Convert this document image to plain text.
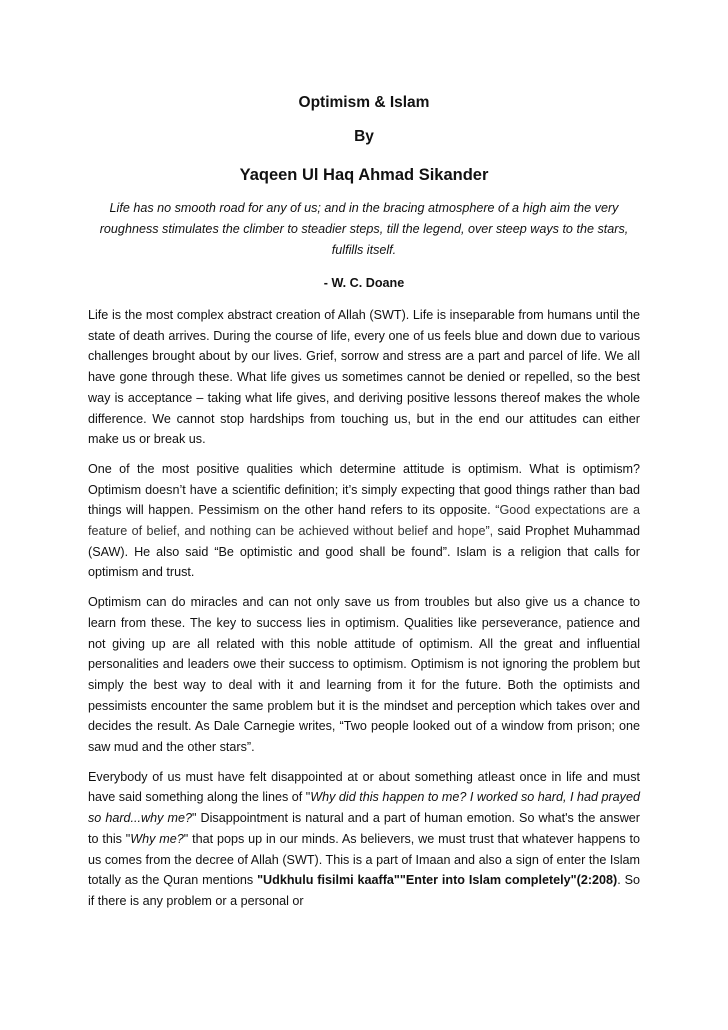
Optimism & Islam
By
Yaqeen Ul Haq Ahmad Sikander
Life has no smooth road for any of us; and in the bracing atmosphere of a high aim the very roughness stimulates the climber to steadier steps, till the legend, over steep ways to the stars, fulfills itself.
- W. C. Doane

Life is the most complex abstract creation of Allah (SWT). Life is inseparable from humans until the state of death arrives. During the course of life, every one of us feels blue and down due to various challenges brought about by our lives. Grief, sorrow and stress are a part and parcel of life. We all have gone through these. What life gives us sometimes cannot be denied or repelled, so the best way is acceptance – taking what life gives, and deriving positive lessons thereof makes the whole difference. We cannot stop hardships from touching us, but in the end our attitudes can either make us or break us.

One of the most positive qualities which determine attitude is optimism. What is optimism? Optimism doesn’t have a scientific definition; it’s simply expecting that good things rather than bad things will happen. Pessimism on the other hand refers to its opposite. “Good expectations are a feature of belief, and nothing can be achieved without belief and hope”, said Prophet Muhammad (SAW). He also said “Be optimistic and good shall be found”. Islam is a religion that calls for optimism and trust.

Optimism can do miracles and can not only save us from troubles but also give us a chance to learn from these. The key to success lies in optimism. Qualities like perseverance, patience and not giving up are all related with this noble attitude of optimism. All the great and influential personalities and leaders owe their success to optimism. Optimism is not ignoring the problem but simply the best way to deal with it and learning from it for the future. Both the optimists and pessimists encounter the same problem but it is the mindset and perception which takes over and decides the result. As Dale Carnegie writes, “Two people looked out of a window from prison; one saw mud and the other stars”.

Everybody of us must have felt disappointed at or about something atleast once in life and must have said something along the lines of "Why did this happen to me? I worked so hard, I had prayed so hard...why me?" Disappointment is natural and a part of human emotion. So what's the answer to this "Why me?" that pops up in our minds. As believers, we must trust that whatever happens to us comes from the decree of Allah (SWT). This is a part of Imaan and also a sign of enter the Islam totally as the Quran mentions "Udkhulu fisilmi kaaffa""Enter into Islam completely"(2:208). So if there is any problem or a personal or
